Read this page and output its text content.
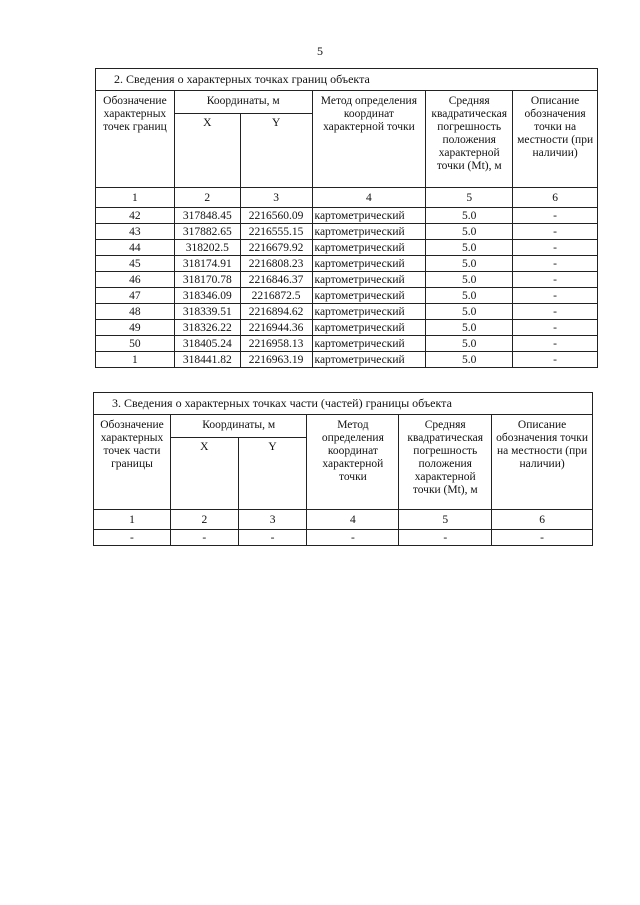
5
2. Сведения о характерных точках границ объекта					
Обозначение характерных точек границ	Координаты, м		Метод определения координат характерной точки	Средняя квадратическая погрешность положения характерной точки (Mt), м	Описание обозначения точки на местности (при наличии)
	X	Y			
1	2	3	4	5	6
42	317848.45	2216560.09	картометрический	5.0	-
43	317882.65	2216555.15	картометрический	5.0	-
44	318202.5	2216679.92	картометрический	5.0	-
45	318174.91	2216808.23	картометрический	5.0	-
46	318170.78	2216846.37	картометрический	5.0	-
47	318346.09	2216872.5	картометрический	5.0	-
48	318339.51	2216894.62	картометрический	5.0	-
49	318326.22	2216944.36	картометрический	5.0	-
50	318405.24	2216958.13	картометрический	5.0	-
1	318441.82	2216963.19	картометрический	5.0	-
3. Сведения о характерных точках части (частей) границы объекта					
Обозначение характерных точек части границы	Координаты, м		Метод определения координат характерной точки	Средняя квадратическая погрешность положения характерной точки (Mt), м	Описание обозначения точки на местности (при наличии)
	X	Y			
1	2	3	4	5	6
-	-	-	-	-	-
